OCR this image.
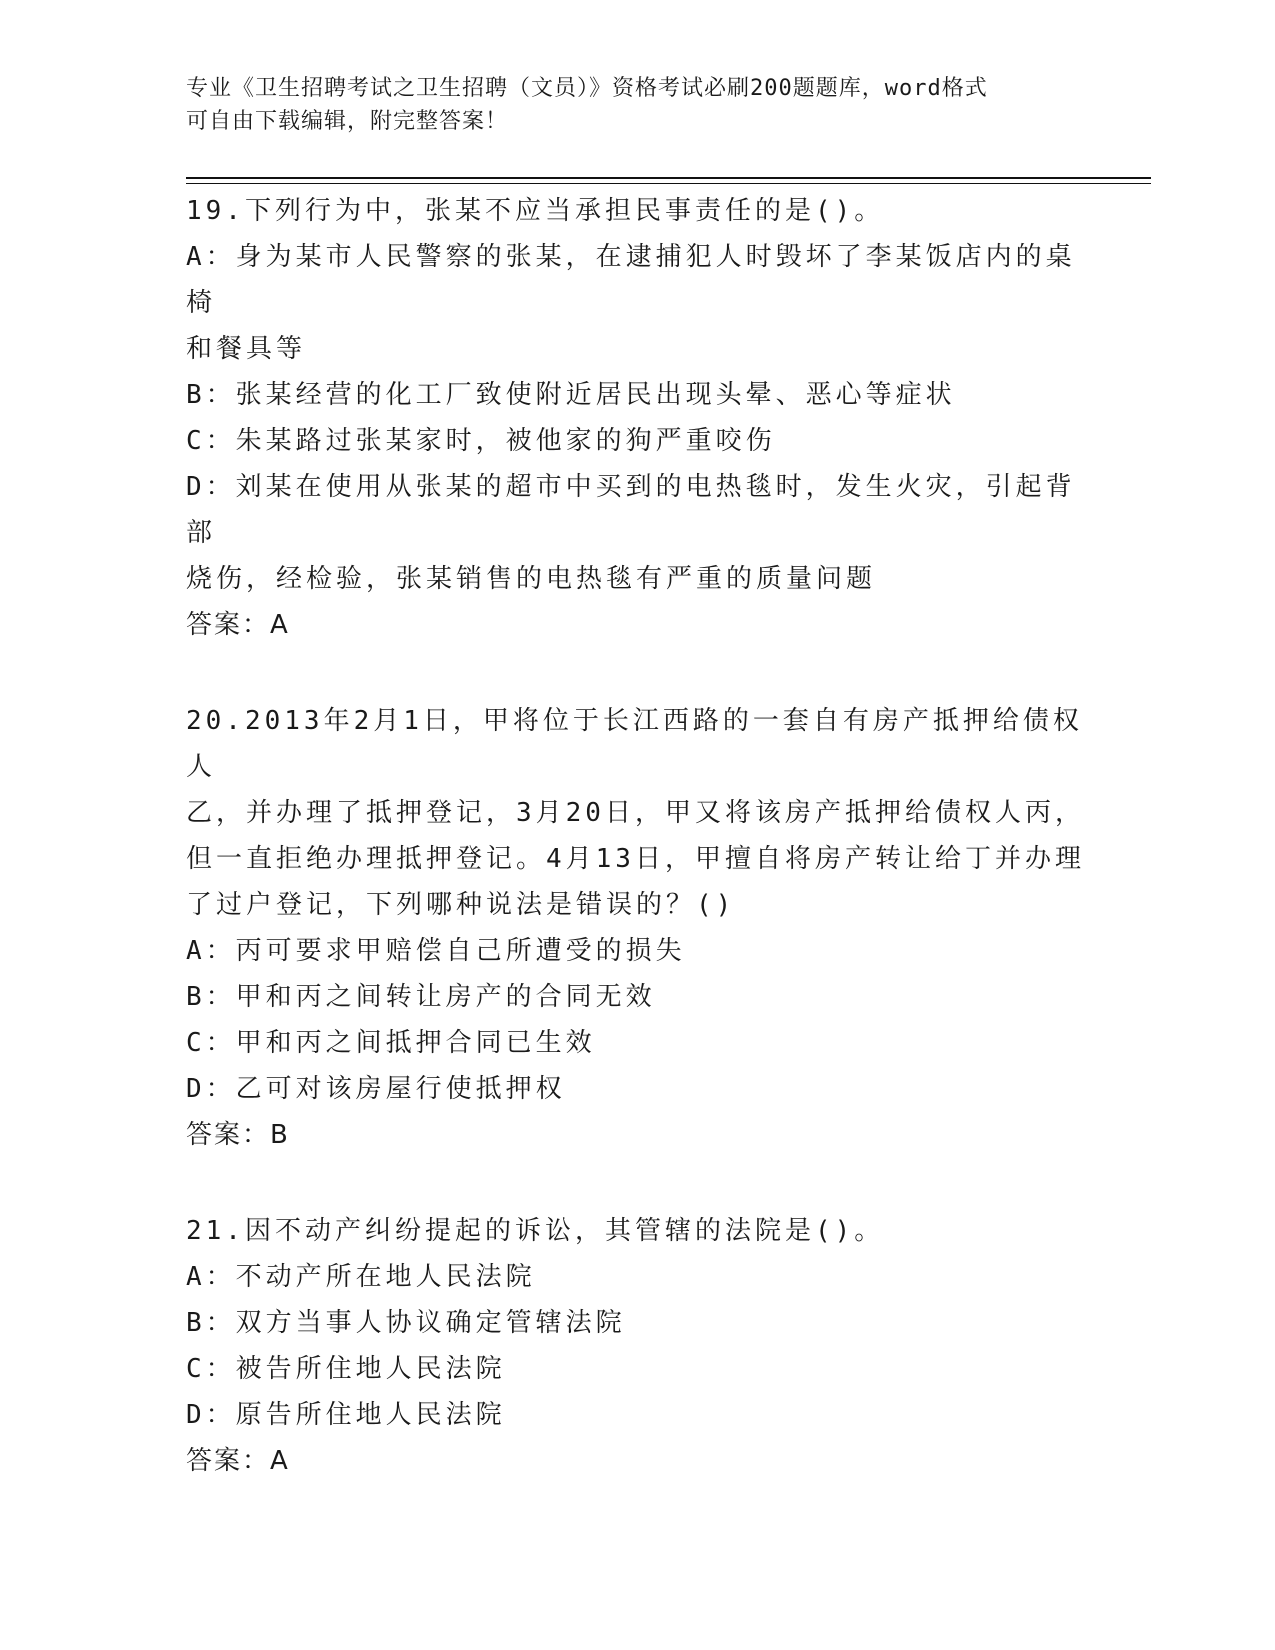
专业《卫生招聘考试之卫生招聘（文员）》资格考试必刷200题题库，word格式
可自由下载编辑，附完整答案！
19.下列行为中，张某不应当承担民事责任的是()。
A：身为某市人民警察的张某，在逮捕犯人时毁坏了李某饭店内的桌椅
和餐具等
B：张某经营的化工厂致使附近居民出现头晕、恶心等症状
C：朱某路过张某家时，被他家的狗严重咬伤
D：刘某在使用从张某的超市中买到的电热毯时，发生火灾，引起背部
烧伤，经检验，张某销售的电热毯有严重的质量问题
答案：A
20.2013年2月1日，甲将位于长江西路的一套自有房产抵押给债权人
乙，并办理了抵押登记，3月20日，甲又将该房产抵押给债权人丙，
但一直拒绝办理抵押登记。4月13日，甲擅自将房产转让给丁并办理
了过户登记，下列哪种说法是错误的？()
A：丙可要求甲赔偿自己所遭受的损失
B：甲和丙之间转让房产的合同无效
C：甲和丙之间抵押合同已生效
D：乙可对该房屋行使抵押权
答案：B
21.因不动产纠纷提起的诉讼，其管辖的法院是()。
A：不动产所在地人民法院
B：双方当事人协议确定管辖法院
C：被告所住地人民法院
D：原告所住地人民法院
答案：A
